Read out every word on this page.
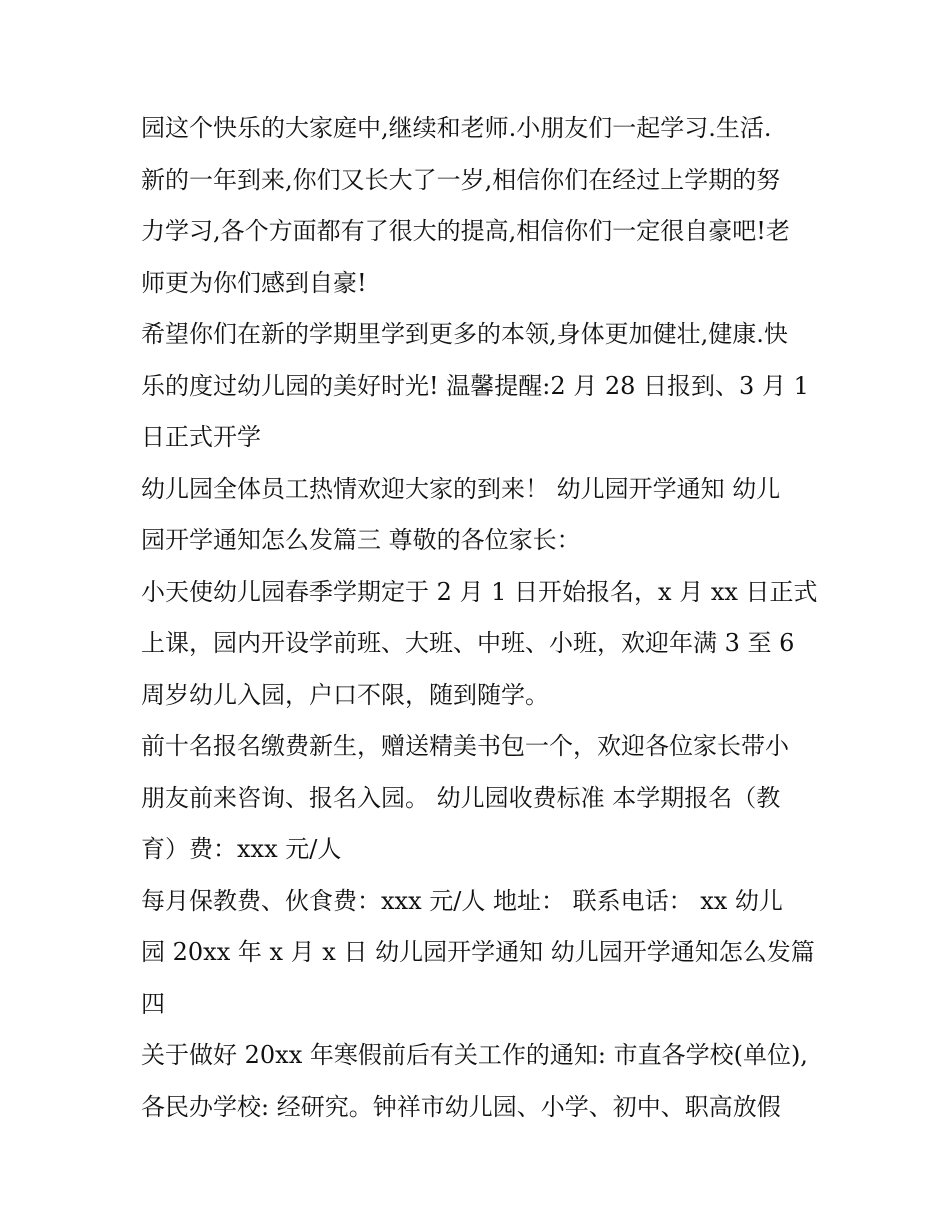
园这个快乐的大家庭中,继续和老师.小朋友们一起学习.生活.
新的一年到来,你们又长大了一岁,相信你们在经过上学期的努
力学习,各个方面都有了很大的提高,相信你们一定很自豪吧!老
师更为你们感到自豪!
希望你们在新的学期里学到更多的本领,身体更加健壮,健康.快
乐的度过幼儿园的美好时光! 温馨提醒:2 月 28 日报到、3 月 1
日正式开学
幼儿园全体员工热情欢迎大家的到来！ 幼儿园开学通知 幼儿
园开学通知怎么发篇三 尊敬的各位家长：
小天使幼儿园春季学期定于 2 月 1 日开始报名，x 月 xx 日正式
上课，园内开设学前班、大班、中班、小班，欢迎年满 3 至 6
周岁幼儿入园，户口不限，随到随学。
前十名报名缴费新生，赠送精美书包一个，欢迎各位家长带小
朋友前来咨询、报名入园。 幼儿园收费标准 本学期报名（教
育）费：xxx 元/人
每月保教费、伙食费：xxx 元/人 地址： 联系电话： xx 幼儿
园 20xx 年 x 月 x 日 幼儿园开学通知 幼儿园开学通知怎么发篇
四
关于做好 20xx 年寒假前后有关工作的通知: 市直各学校(单位),
各民办学校: 经研究。钟祥市幼儿园、小学、初中、职高放假
